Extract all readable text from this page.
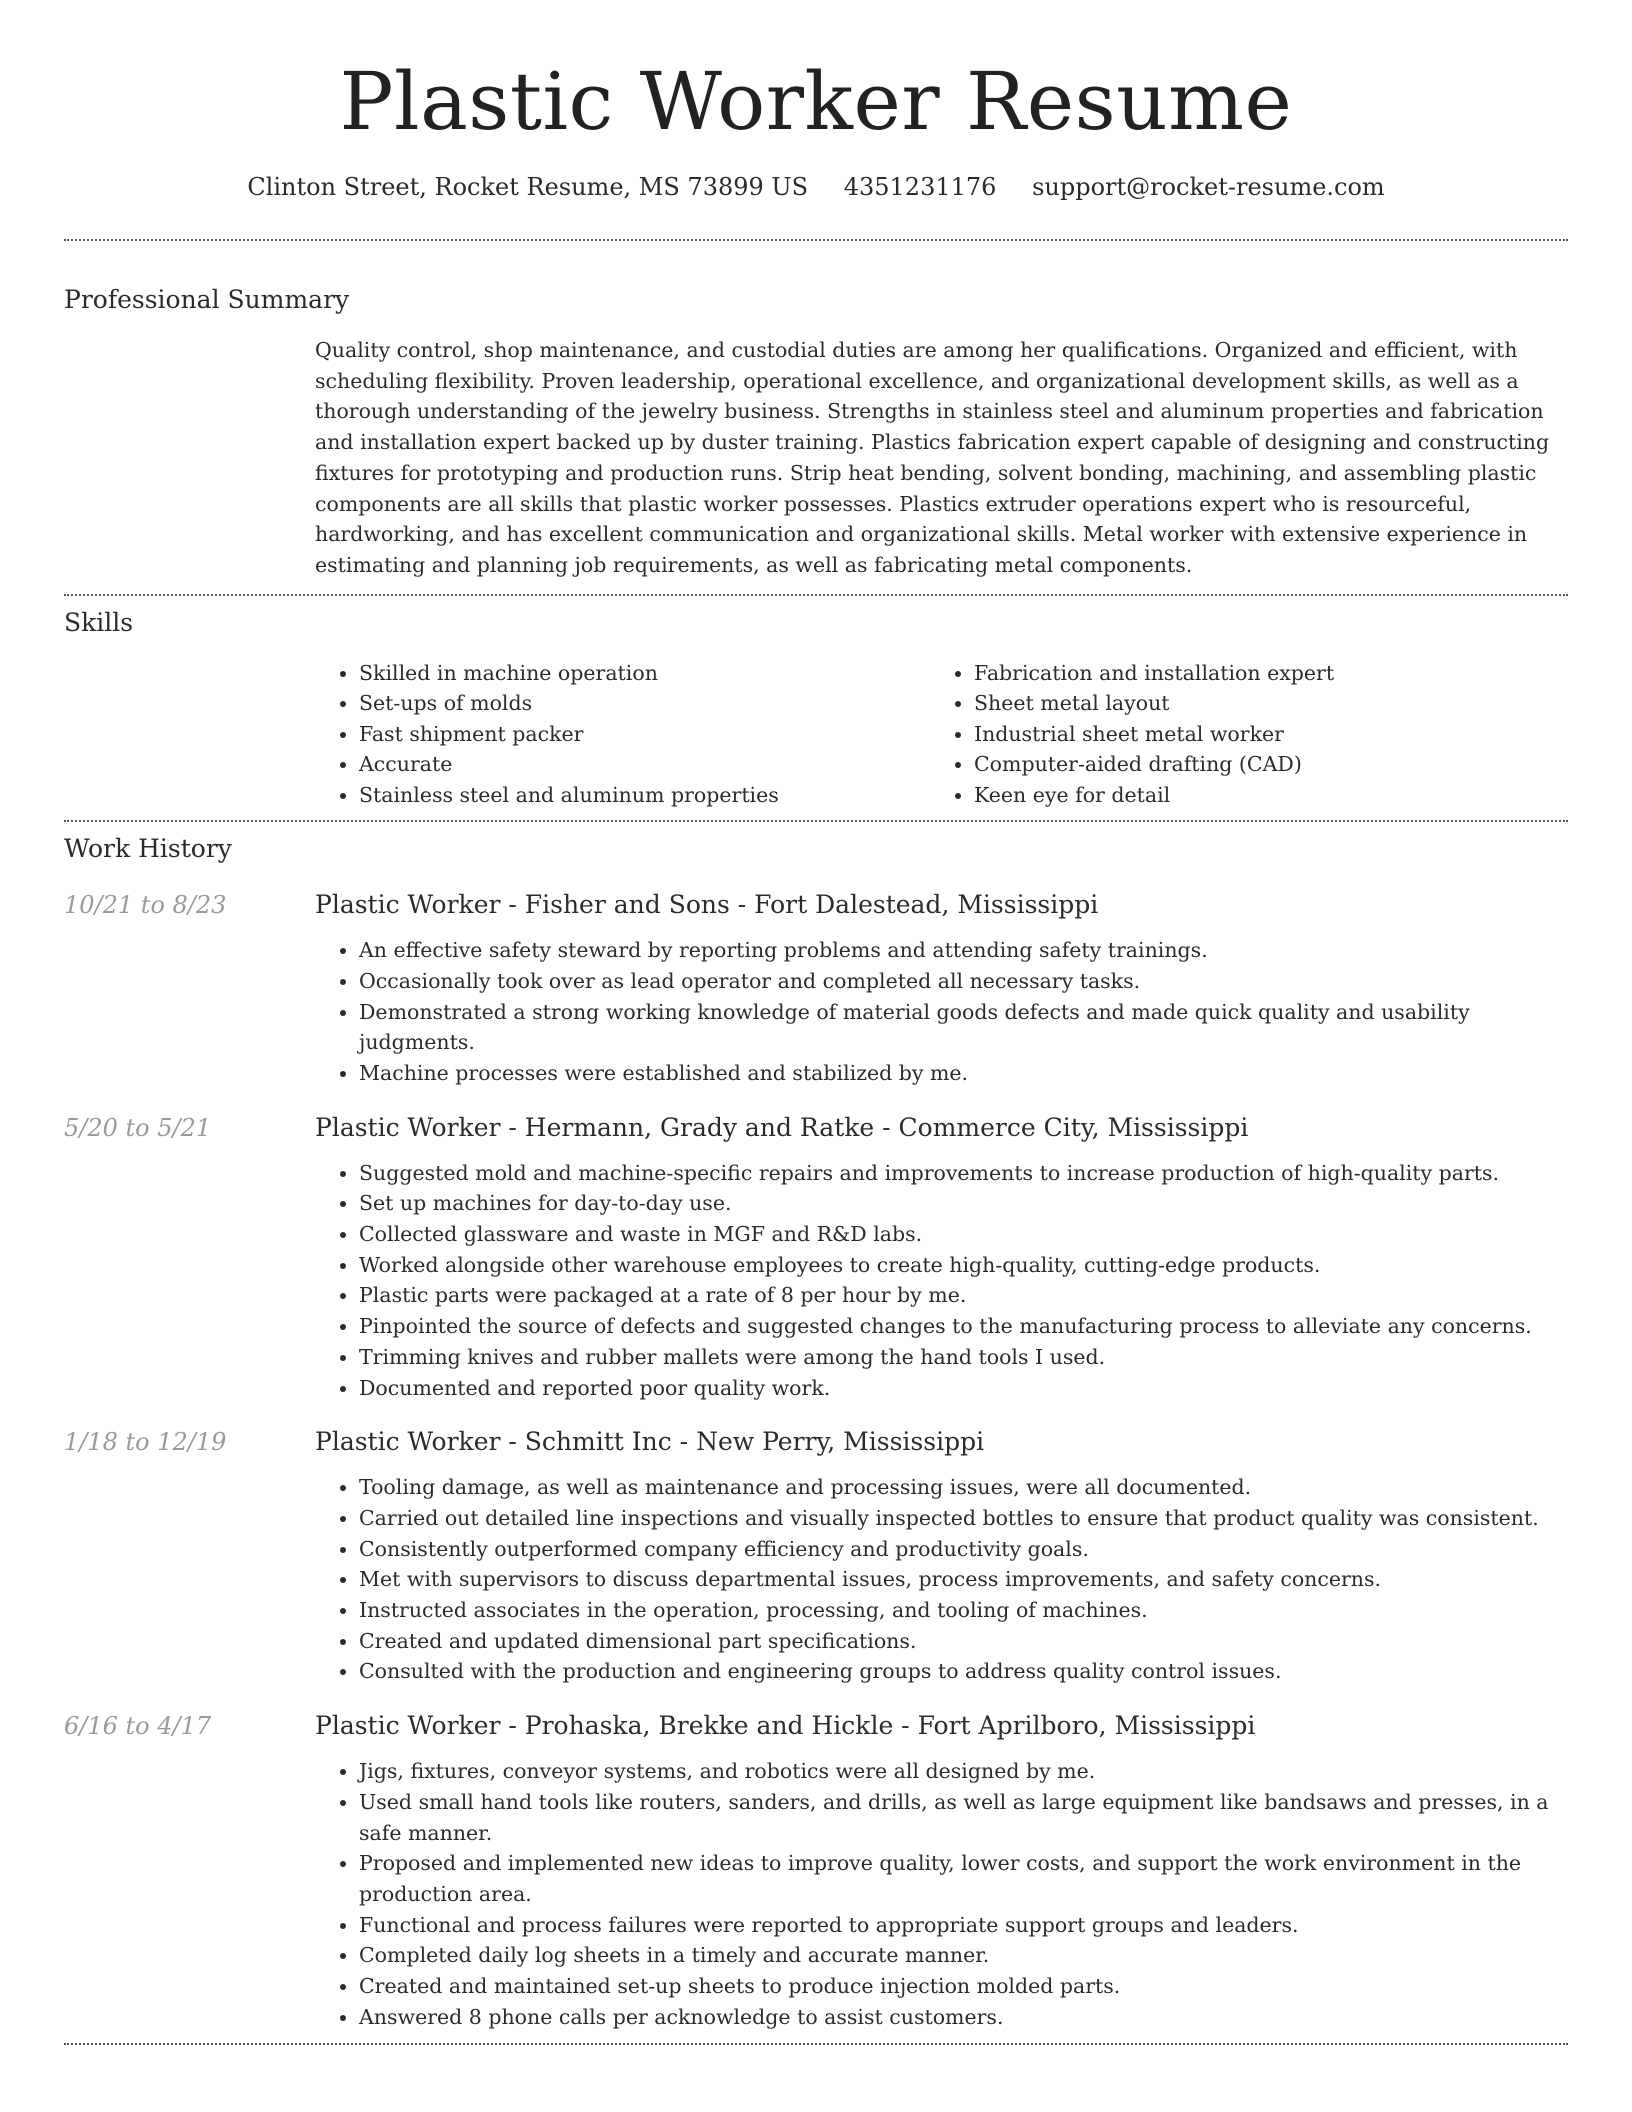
Plastic Worker Resume
Clinton Street, Rocket Resume, MS 73899 US 4351231176 support@rocket-resume.com
Professional Summary

Quality control, shop maintenance, and custodial duties are among her qualifications. Organized and efficient, with scheduling flexibility. Proven leadership, operational excellence, and organizational development skills, as well as a thorough understanding of the jewelry business. Strengths in stainless steel and aluminum properties and fabrication and installation expert backed up by duster training. Plastics fabrication expert capable of designing and constructing fixtures for prototyping and production runs. Strip heat bending, solvent bonding, machining, and assembling plastic components are all skills that plastic worker possesses. Plastics extruder operations expert who is resourceful, hardworking, and has excellent communication and organizational skills. Metal worker with extensive experience in estimating and planning job requirements, as well as fabricating metal components.

Skills
• Skilled in machine operation
• Set-ups of molds
• Fast shipment packer
• Accurate
• Stainless steel and aluminum properties
• Fabrication and installation expert
• Sheet metal layout
• Industrial sheet metal worker
• Computer-aided drafting (CAD)
• Keen eye for detail
Work History
10/21 to 8/23	Plastic Worker - Fisher and Sons - Fort Dalestead, Mississippi
• An effective safety steward by reporting problems and attending safety trainings.
• Occasionally took over as lead operator and completed all necessary tasks.
• Demonstrated a strong working knowledge of material goods defects and made quick quality and usability judgments.
• Machine processes were established and stabilized by me.
5/20 to 5/21	Plastic Worker - Hermann, Grady and Ratke - Commerce City, Mississippi
• Suggested mold and machine-specific repairs and improvements to increase production of high-quality parts.
• Set up machines for day-to-day use.
• Collected glassware and waste in MGF and R&D labs.
• Worked alongside other warehouse employees to create high-quality, cutting-edge products.
• Plastic parts were packaged at a rate of 8 per hour by me.
• Pinpointed the source of defects and suggested changes to the manufacturing process to alleviate any concerns.
• Trimming knives and rubber mallets were among the hand tools I used.
• Documented and reported poor quality work.
1/18 to 12/19	Plastic Worker - Schmitt Inc - New Perry, Mississippi
• Tooling damage, as well as maintenance and processing issues, were all documented.
• Carried out detailed line inspections and visually inspected bottles to ensure that product quality was consistent.
• Consistently outperformed company efficiency and productivity goals.
• Met with supervisors to discuss departmental issues, process improvements, and safety concerns.
• Instructed associates in the operation, processing, and tooling of machines.
• Created and updated dimensional part specifications.
• Consulted with the production and engineering groups to address quality control issues.
6/16 to 4/17	Plastic Worker - Prohaska, Brekke and Hickle - Fort Aprilboro, Mississippi
• Jigs, fixtures, conveyor systems, and robotics were all designed by me.
• Used small hand tools like routers, sanders, and drills, as well as large equipment like bandsaws and presses, in a safe manner.
• Proposed and implemented new ideas to improve quality, lower costs, and support the work environment in the production area.
• Functional and process failures were reported to appropriate support groups and leaders.
• Completed daily log sheets in a timely and accurate manner.
• Created and maintained set-up sheets to produce injection molded parts.
• Answered 8 phone calls per acknowledge to assist customers.
